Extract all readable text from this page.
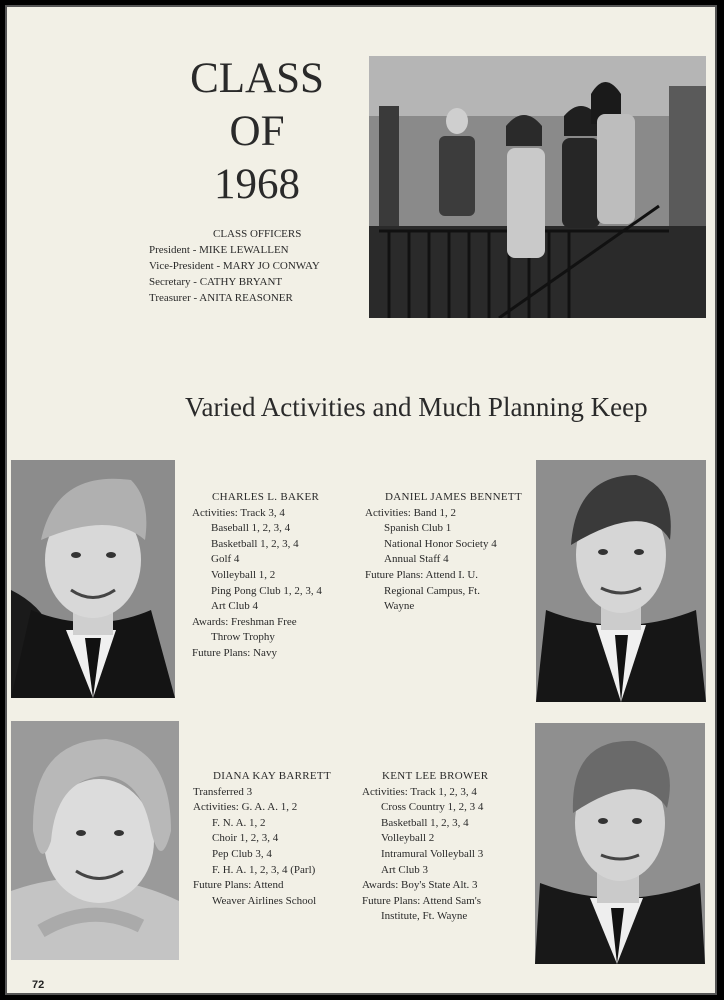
CLASS
OF
1968
CLASS OFFICERS
President - MIKE LEWALLEN
Vice-President - MARY JO CONWAY
Secretary - CATHY BRYANT
Treasurer - ANITA REASONER
Varied Activities and Much Planning Keep
CHARLES L. BAKER
Activities: Track 3, 4
Baseball 1, 2, 3, 4
Basketball 1, 2, 3, 4
Golf 4
Volleyball 1, 2
Ping Pong Club 1, 2, 3, 4
Art Club 4
Awards: Freshman Free
Throw Trophy
Future Plans: Navy
DANIEL JAMES BENNETT
Activities: Band 1, 2
Spanish Club 1
National Honor Society 4
Annual Staff 4
Future Plans: Attend I. U.
Regional Campus, Ft.
Wayne
DIANA KAY BARRETT
Transferred 3
Activities: G. A. A. 1, 2
F. N. A. 1, 2
Choir 1, 2, 3, 4
Pep Club 3, 4
F. H. A. 1, 2, 3, 4 (Parl)
Future Plans: Attend
Weaver Airlines School
KENT LEE BROWER
Activities: Track 1, 2, 3, 4
Cross Country 1, 2, 3 4
Basketball 1, 2, 3, 4
Volleyball 2
Intramural Volleyball 3
Art Club 3
Awards: Boy's State Alt. 3
Future Plans: Attend Sam's
Institute, Ft. Wayne
72
